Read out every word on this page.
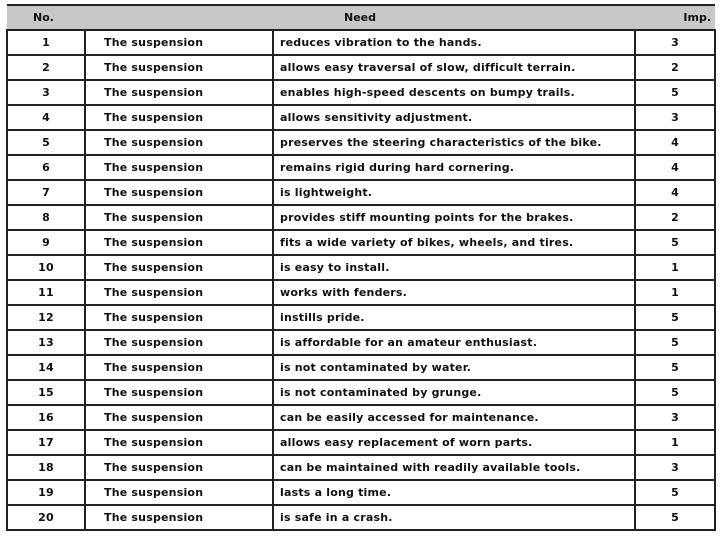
No.	Need		Imp.
1	The suspension	reduces vibration to the hands.	3
2	The suspension	allows easy traversal of slow, difficult terrain.	2
3	The suspension	enables high-speed descents on bumpy trails.	5
4	The suspension	allows sensitivity adjustment.	3
5	The suspension	preserves the steering characteristics of the bike.	4
6	The suspension	remains rigid during hard cornering.	4
7	The suspension	is lightweight.	4
8	The suspension	provides stiff mounting points for the brakes.	2
9	The suspension	fits a wide variety of bikes, wheels, and tires.	5
10	The suspension	is easy to install.	1
11	The suspension	works with fenders.	1
12	The suspension	instills pride.	5
13	The suspension	is affordable for an amateur enthusiast.	5
14	The suspension	is not contaminated by water.	5
15	The suspension	is not contaminated by grunge.	5
16	The suspension	can be easily accessed for maintenance.	3
17	The suspension	allows easy replacement of worn parts.	1
18	The suspension	can be maintained with readily available tools.	3
19	The suspension	lasts a long time.	5
20	The suspension	is safe in a crash.	5
